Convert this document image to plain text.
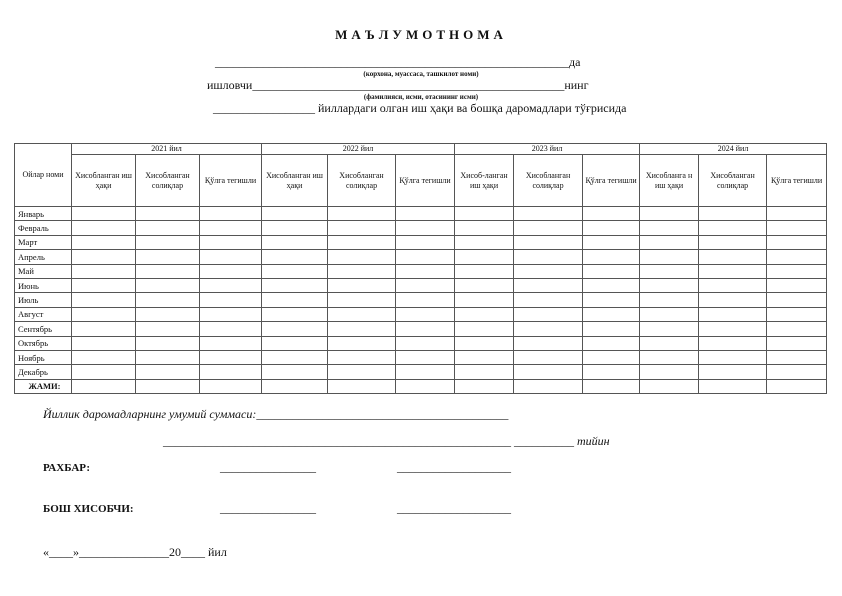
МАЪЛУМОТНОМА
___________________________________________________________да
(корхона, муассаса, ташкилот номи)
ишловчи____________________________________________________нинг
(фамилияси, исми, отасининг исми)
_________________ йиллардаги олган иш ҳақи ва бошқа даромадлари тўғрисида
Ойлар номи	2021 йил			2022 йил			2023 йил			2024 йил		
	Хисобланган иш ҳақи	Хисобланган солиқлар	Қўлга тегишли	Хисобланган иш ҳақи	Хисобланган солиқлар	Қўлга тегишли	Хисоб-ланган иш ҳақи	Хисобланган солиқлар	Қўлга тегишли	Хисобланга н иш ҳақи	Хисобланган солиқлар	Қўлга тегишли
Январь												
Февраль												
Март												
Апрель												
Май												
Июнь												
Июль												
Август												
Сентябрь												
Октябрь												
Ноябрь												
Декабрь												
ЖАМИ:												
Йиллик даромадларнинг умумий суммаси:__________________________________________
__________________________________________________________ __________ тийин
РАХБАР:	________________	___________________
БОШ ХИСОБЧИ:	________________	___________________
«____»_______________20____ йил
